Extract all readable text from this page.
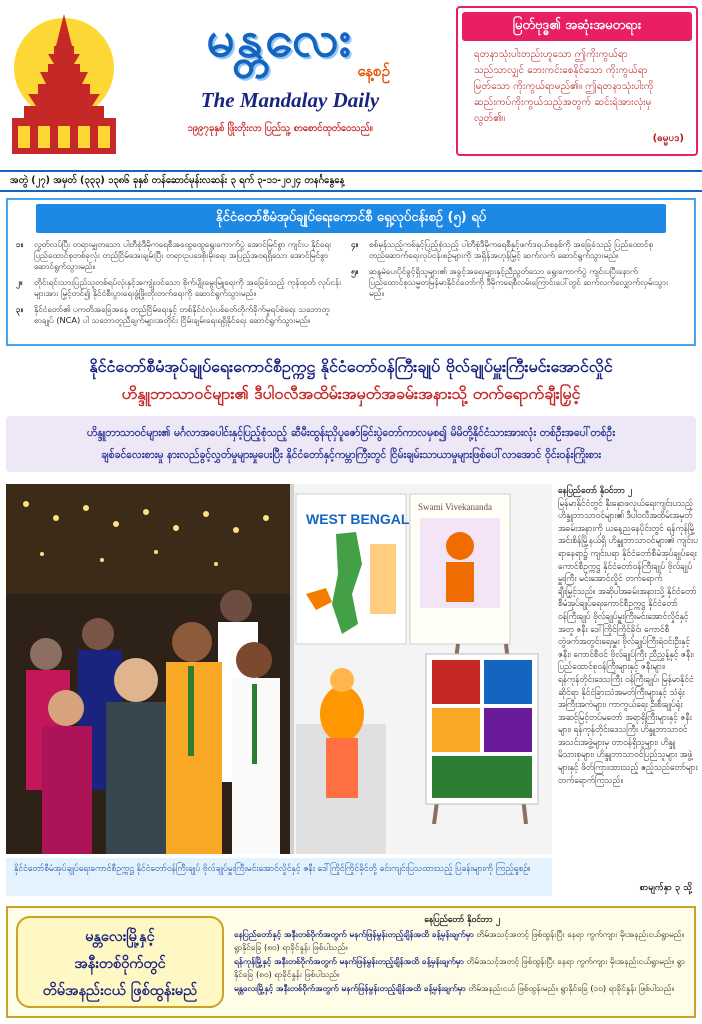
မန္တလေး
နေ့စဉ်
The Mandalay Daily
၁၉၉၇ခုနှစ် ဖြိုးတိုးလာ ပြည်သူ့ စာစောင်ထုတ်ဝေသည်။
မြတ်ဗုဒ္ဓ၏ အဆုံးအမတရား
ရတနာသုံးပါးတည်းဟူသော ဤကိုးကွယ်ရာ
သည်သာလျှင် ဘေးကင်းစေနိုင်သော ကိုးကွယ်ရာ
မြတ်သော ကိုးကွယ်ရာမည်၏။ ဤရတနာသုံးပါးကို
ဆည်းကပ်ကိုးကွယ်သည့်အတွက် ဆင်းရဲအားလုံးမှ
လွတ်၏။
(ဓမ္မပဒ)
အတွဲ (၂၇) အမှတ် (၃၃၃) ၁၃၈၆ ခုနှစ် တန်ဆောင်မုန်းလဆန်း ၃ ရက် ၃-၁၁-၂၀၂၄ တနင်္ဂနွေနေ့
နိုင်ငံတော်စီမံအုပ်ချုပ်ရေးကောင်စီ ရှေ့လုပ်ငန်းစဉ် (၅) ရပ်
၁။	လွတ်လပ်ပြီး တရားမျှတသော ပါတီစုံဒီမိုကရေစီအထွေထွေရွေးကောက်ပွဲ အောင်မြင်စွာ ကျင်းပ နိုင်ရေး ပြည်ထောင်စုတစ်ခုလုံး တည်ငြိမ်အေးချမ်းပြီး တရားဥပဒေစိုးမိုးရေး အပြည့်အဝရရှိသော အောင်မြင်စွာဆောင်ရွက်သွားမည်။
၂။	တိုင်းရင်းသားပြည်သူတစ်ရပ်လုံးနှင့်အကျုံးဝင်သော စိုက်ပျိုးမွေးမြူရေးကို အခြေခံသည့် ကုန်ထုတ် လုပ်ငန်းများအား မြှင့်တင်၍ နိုင်ငံစီးပွားရေးဖွံ့ဖြိုးတိုးတက်ရေးကို ဆောင်ရွက်သွားမည်။
၃။	နိုင်ငံတော်၏ ပကတိအခြေအနေ တည်ငြိမ်ရေးနှင့် တစ်နိုင်ငံလုံးပစ်ခတ်တိုက်ခိုက်မှုရပ်စဲရေး သဘောတူစာချုပ် (NCA) ပါ သဘောတူညီချက်များအတိုင်း ငြိမ်းချမ်းရေးရရှိနိုင်ရေး ဆောင်ရွက်သွားမည်။
၄။	စစ်မှန်သည့်ကစ်နှင့်ပြည့်စုံသည့် ပါတီစုံဒီမိုကရေစီနှင့်ဖက်ဒရယ်စနစ်ကို အခြေခံသည့် ပြည်ထောင်စုတည်ဆောက်ရေးလုပ်ငန်းစဉ်များကို အရှိန်အဟုန်မြှင့် ဆက်လက် ဆောင်ရွက်သွားမည်။
၅။	ဆန္ဒမဲပေးပိုင်ခွင့်ရှိသူများ၏ အခွင့်အရေးများနှင့်ညီညွတ်သော ရွေးကောက်ပွဲ ကျင်းပပြီးနောက် ပြည်ထောင်စုသမ္မတမြန်မာနိုင်ငံတော်ကို ဒီမိုကရေစီလမ်းကြောင်းပေါ်တွင် ဆက်လက်လျှောက်လှမ်းသွားမည်။
နိုင်ငံတော်စီမံအုပ်ချုပ်ရေးကောင်စီဥက္ကဋ္ဌ နိုင်ငံတော်ဝန်ကြီးချုပ် ဗိုလ်ချုပ်မှူးကြီးမင်းအောင်လှိုင်
ဟိန္ဒူဘာသာဝင်များ၏ ဒီပါဝလီအထိမ်းအမှတ်အခမ်းအနားသို့ တက်ရောက်ချီးမြှင့်
ဟိန္ဒူဘာသာဝင်များ၏ မင်္ဂလာအပေါင်းနှင့်ပြည့်စုံသည့် ဆီမီးထွန်းညှိပူဇော်ခြင်းပွဲတော်ကာလမှစ၍ မိမိတို့နိုင်ငံသားအားလုံး တစ်ဦးအပေါ်တစ်ဦး
ချစ်ခင်လေးစားမှု နားလည်ခွင့်လွှတ်မှုများမှုပေးပြီး နိုင်ငံတော်နှင့်ကမ္ဘာကြီးတွင် ငြိမ်းချမ်းသာယာမှုများဖြစ်ပေါ်လာအောင် ဝိုင်းဝန်းကြိုးစား
WEST BENGAL
Swami Vivekananda
နိုင်ငံတော်စီမံအုပ်ချုပ်ရေးကောင်စီဥက္ကဋ္ဌ နိုင်ငံတော်ဝန်ကြီးချုပ် ဗိုလ်ချုပ်မှူးကြီးမင်းအောင်လှိုင်နှင့် ဇနီး ဒေါ်ကြိုင်ကြိုင်ခိုင်တို့ ခင်းကျင်းပြသထားသည့် ပြခန်းများကို ကြည့်ရှုစဉ်။
နေပြည်တော် နိုဝင်ဘာ ၂
မြန်မာနိုင်ငံတွင် နှီးနှောဖလှယ်ရေးကျင်းပသည့် ဟိန္ဒူဘာသာဝင်များ၏ ဒီပါဝလီအထိမ်းအမှတ်အခမ်းအနားကို ယနေ့ညနေပိုင်းတွင် ရန်ကုန်မြို့ အင်းစိန်မြို့နယ်ရှိ ဟိန္ဒူဘာသာဝင်များ၏ ကျင်းပရာနေရာ၌ ကျင်းပရာ နိုင်ငံတော်စီမံအုပ်ချုပ်ရေးကောင်စီဥက္ကဋ္ဌ နိုင်ငံတော်ဝန်ကြီးချုပ် ဗိုလ်ချုပ်မှူးကြီး မင်းအောင်လှိုင် တက်ရောက်ချီးမြှင့်သည်။ အဆိုပါအခမ်းအနားသို့ နိုင်ငံတော်စီမံအုပ်ချုပ်ရေးကောင်စီဥက္ကဋ္ဌ နိုင်ငံတော်ဝန်ကြီးချုပ် ဗိုလ်ချုပ်မှူးကြီးမင်းအောင်လှိုင်နှင့်အတူ ဇနီး ဒေါ်ကြိုင်ကြိုင်ခိုင်၊ ကောင်စီတွဲဖက်အတွင်းရေးမှူး ဗိုလ်ချုပ်ကြီးရဲဝင်းဦးနှင့်ဇနီး၊ ကောင်စီဝင် ဗိုလ်ချုပ်ကြီး ညီညွှန့်နှင့် ဇနီး၊ ပြည်ထောင်စုဝန်ကြီးများနှင့် ဇနီးများ၊ ရန်ကုန်တိုင်းဒေသကြီး ဝန်ကြီးချုပ်၊ မြန်မာနိုင်ငံဆိုင်ရာ နိုင်ငံခြားသံအမတ်ကြီးများနှင့် သံရုံးအကြီးအကဲများ၊ ကာကွယ်ရေး ဦးစီးချုပ်ရုံး အဆင့်မြင့်တပ်မတော် အရာရှိကြီးများနှင့် ဇနီးများ၊ ရန်ကုန်တိုင်းဒေသကြီး ဟိန္ဒူဘာသာဝင် အသင်းအဖွဲ့များမှ တာဝန်ရှိသူများ၊ ဟိန္ဒူမိသားစုများ၊ ဟိန္ဒူဘာသာဝင်ပြည်သူများ အဖွဲ့များနှင့် ဖိတ်ကြားထားသည့် ဧည့်သည်တော်များ တက်ရောက်ကြသည်။
စာမျက်နှာ ၃ သို့
မန္တလေးမြို့နှင့်
အနီးတစ်ဝိုက်တွင်
တိမ်အနည်းငယ် ဖြစ်ထွန်းမည်
နေပြည်တော် နိုဝင်ဘာ ၂
နေပြည်တော်နှင့် အနီးတစ်ဝိုက်အတွက် မနက်ဖြန်မွန်းတည့်ချိန်အထိ ခန့်မှန်းချက်မှာ တိမ်အသင့်အတင့် ဖြစ်ထွန်းပြီး နေရာ ကွက်ကျား မိုးအနည်းငယ်ရွာမည်။ ရွာနိုင်ခြေ (၈၀) ရာခိုင်နှုန်း ဖြစ်ပါသည်။
ရန်ကုန်မြို့နှင့် အနီးတစ်ဝိုက်အတွက် မနက်ဖြန်မွန်းတည့်ချိန်အထိ ခန့်မှန်းချက်မှာ တိမ်အသင့်အတင့် ဖြစ်ထွန်းပြီး နေရာ ကွက်ကျား မိုးအနည်းငယ်ရွာမည်။ ရွာနိုင်ခြေ (၈၀) ရာခိုင်နှုန်း ဖြစ်ပါသည်။
မန္တလေးမြို့နှင့် အနီးတစ်ဝိုက်အတွက် မနက်ဖြန်မွန်းတည့်ချိန်အထိ ခန့်မှန်းချက်မှာ တိမ်အနည်းငယ် ဖြစ်ထွန်းမည်။ ရွာနိုင်ခြေ (၁၀) ရာခိုင်နှုန်း ဖြစ်ပါသည်။
